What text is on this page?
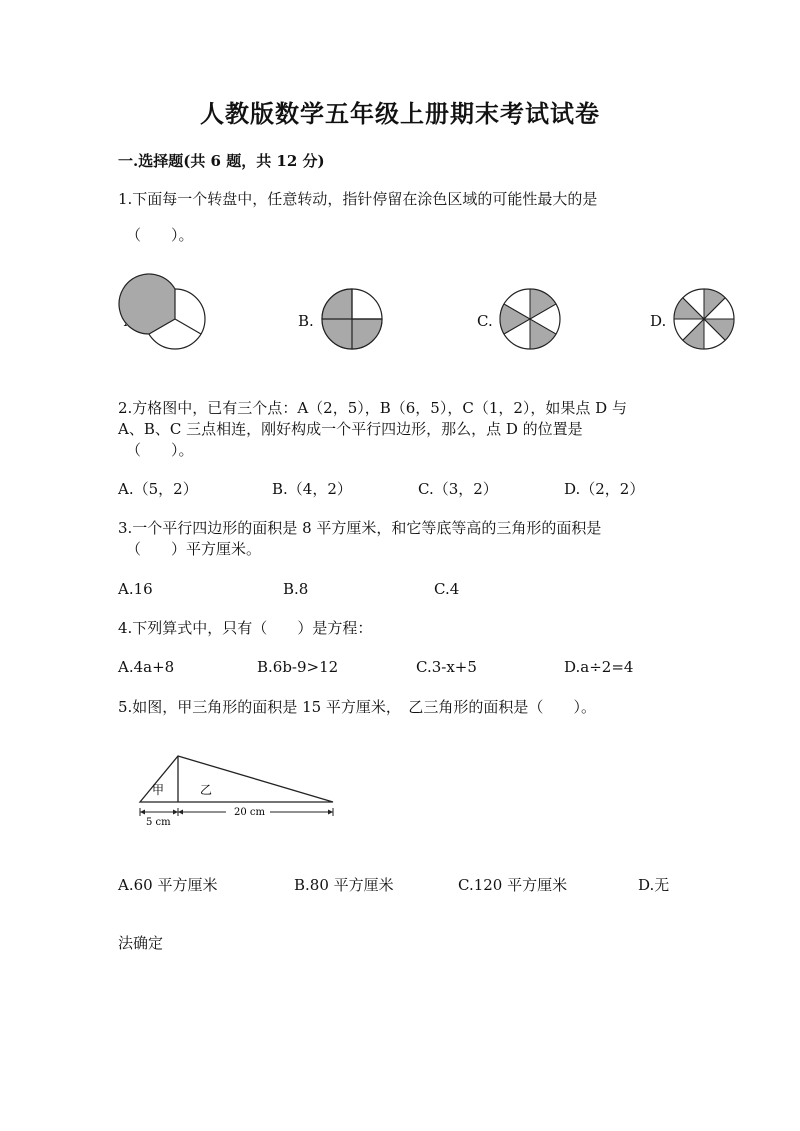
人教版数学五年级上册期末考试试卷
一.选择题(共 6 题，共 12 分)
1.下面每一个转盘中，任意转动，指针停留在涂色区域的可能性最大的是
（　　）。
B.	C.	D.
2.方格图中，已有三个点：A（2，5），B（6，5），C（1，2），如果点 D 与
A、B、C 三点相连，刚好构成一个平行四边形，那么，点 D 的位置是
（　　）。
A.（5，2）	B.（4，2）	C.（3，2）	D.（2，2）
3.一个平行四边形的面积是 8 平方厘米，和它等底等高的三角形的面积是
（　　）平方厘米。
A.16	B.8	C.4
4.下列算式中，只有（　　）是方程：
A.4a+8	B.6b-9>12	C.3-x+5	D.a÷2=4
5.如图，甲三角形的面积是 15 平方厘米，　乙三角形的面积是（　　）。
甲	乙
5 cm
20 cm
A.60 平方厘米	B.80 平方厘米	C.120 平方厘米	D.无
法确定
